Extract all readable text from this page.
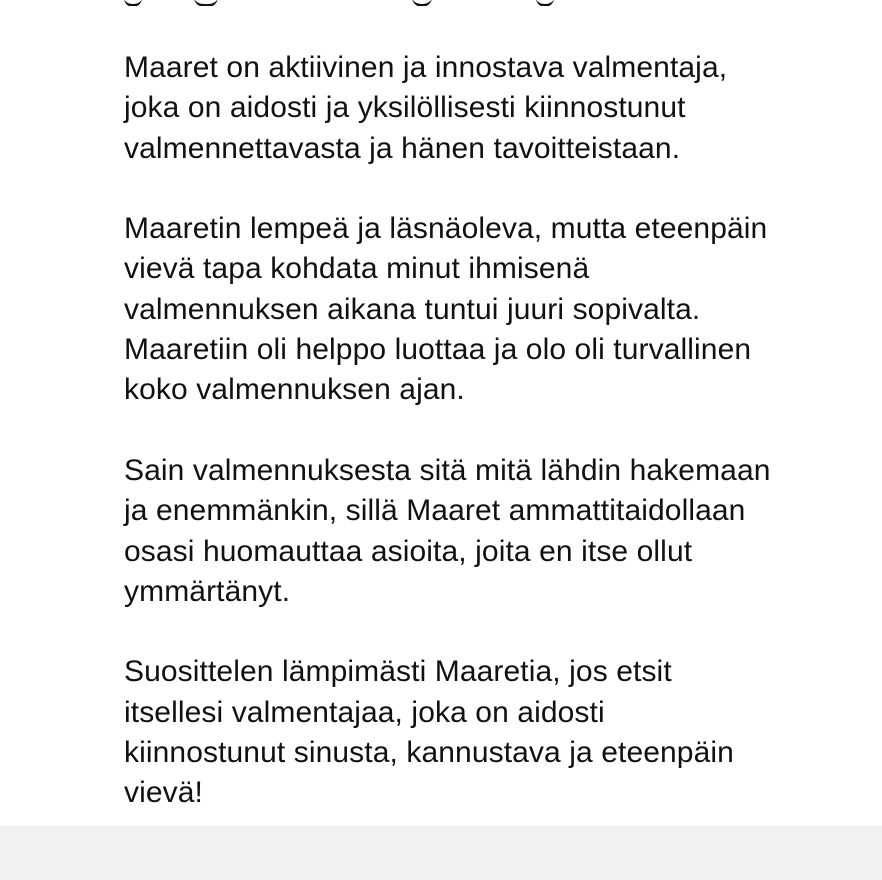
Maaret on aktiivinen ja innostava valmentaja,
joka on aidosti ja yksilöllisesti kiinnostunut
valmennettavasta ja hänen tavoitteistaan.

Maaretin lempeä ja läsnäoleva, mutta eteenpäin
vievä tapa kohdata minut ihmisenä
valmennuksen aikana tuntui juuri sopivalta.
Maaretiin oli helppo luottaa ja olo oli turvallinen
koko valmennuksen ajan.

Sain valmennuksesta sitä mitä lähdin hakemaan
ja enemmänkin, sillä Maaret ammattitaidollaan
osasi huomauttaa asioita, joita en itse ollut
ymmärtänyt.

Suosittelen lämpimästi Maaretia, jos etsit
itsellesi valmentajaa, joka on aidosti
kiinnostunut sinusta, kannustava ja eteenpäin
vievä!
